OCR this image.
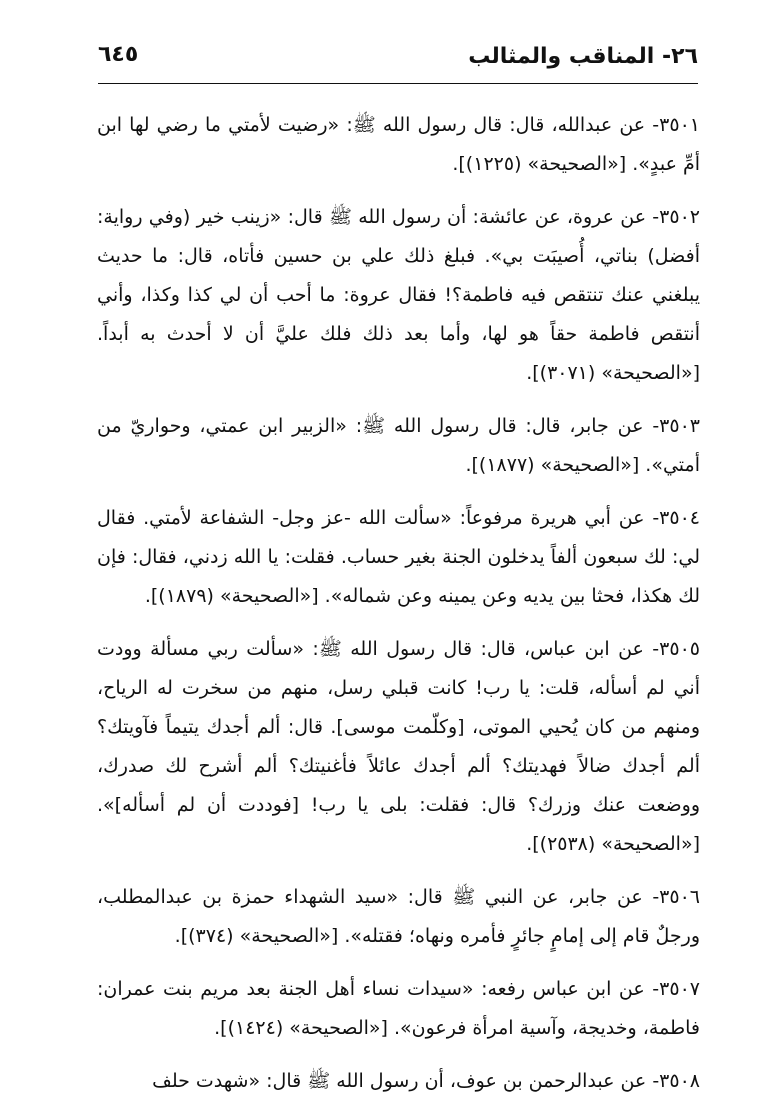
٢٦- المناقب والمثالب
٦٤٥

٣٥٠١- عن عبدالله، قال: قال رسول الله ﷺ: «رضيت لأمتي ما رضي لها ابن أمِّ عبدٍ». [«الصحيحة» (١٢٢٥)].

٣٥٠٢- عن عروة، عن عائشة: أن رسول الله ﷺ قال: «زينب خير (وفي رواية: أفضل) بناتي، أُصيبَت بي». فبلغ ذلك علي بن حسين فأتاه، قال: ما حديث يبلغني عنك تنتقص فيه فاطمة؟! فقال عروة: ما أحب أن لي كذا وكذا، وأني أنتقص فاطمة حقاً هو لها، وأما بعد ذلك فلك عليَّ أن لا أحدث به أبداً. [«الصحيحة» (٣٠٧١)].

٣٥٠٣- عن جابر، قال: قال رسول الله ﷺ: «الزبير ابن عمتي، وحواريّ من أمتي». [«الصحيحة» (١٨٧٧)].

٣٥٠٤- عن أبي هريرة مرفوعاً: «سألت الله -عز وجل- الشفاعة لأمتي. فقال لي: لك سبعون ألفاً يدخلون الجنة بغير حساب. فقلت: يا الله زدني، فقال: فإن لك هكذا، فحثا بين يديه وعن يمينه وعن شماله». [«الصحيحة» (١٨٧٩)].

٣٥٠٥- عن ابن عباس، قال: قال رسول الله ﷺ: «سألت ربي مسألة وودت أني لم أسأله، قلت: يا رب! كانت قبلي رسل، منهم من سخرت له الرياح، ومنهم من كان يُحيي الموتى، [وكلّمت موسى]. قال: ألم أجدك يتيماً فآويتك؟ ألم أجدك ضالاً فهديتك؟ ألم أجدك عائلاً فأغنيتك؟ ألم أشرح لك صدرك، ووضعت عنك وزرك؟ قال: فقلت: بلى يا رب! [فوددت أن لم أسأله]». [«الصحيحة» (٢٥٣٨)].

٣٥٠٦- عن جابر، عن النبي ﷺ قال: «سيد الشهداء حمزة بن عبدالمطلب، ورجلٌ قام إلى إمامٍ جائرٍ فأمره ونهاه؛ فقتله». [«الصحيحة» (٣٧٤)].

٣٥٠٧- عن ابن عباس رفعه: «سيدات نساء أهل الجنة بعد مريم بنت عمران: فاطمة، وخديجة، وآسية امرأة فرعون». [«الصحيحة» (١٤٢٤)].

٣٥٠٨- عن عبدالرحمن بن عوف، أن رسول الله ﷺ قال: «شهدت حلف
